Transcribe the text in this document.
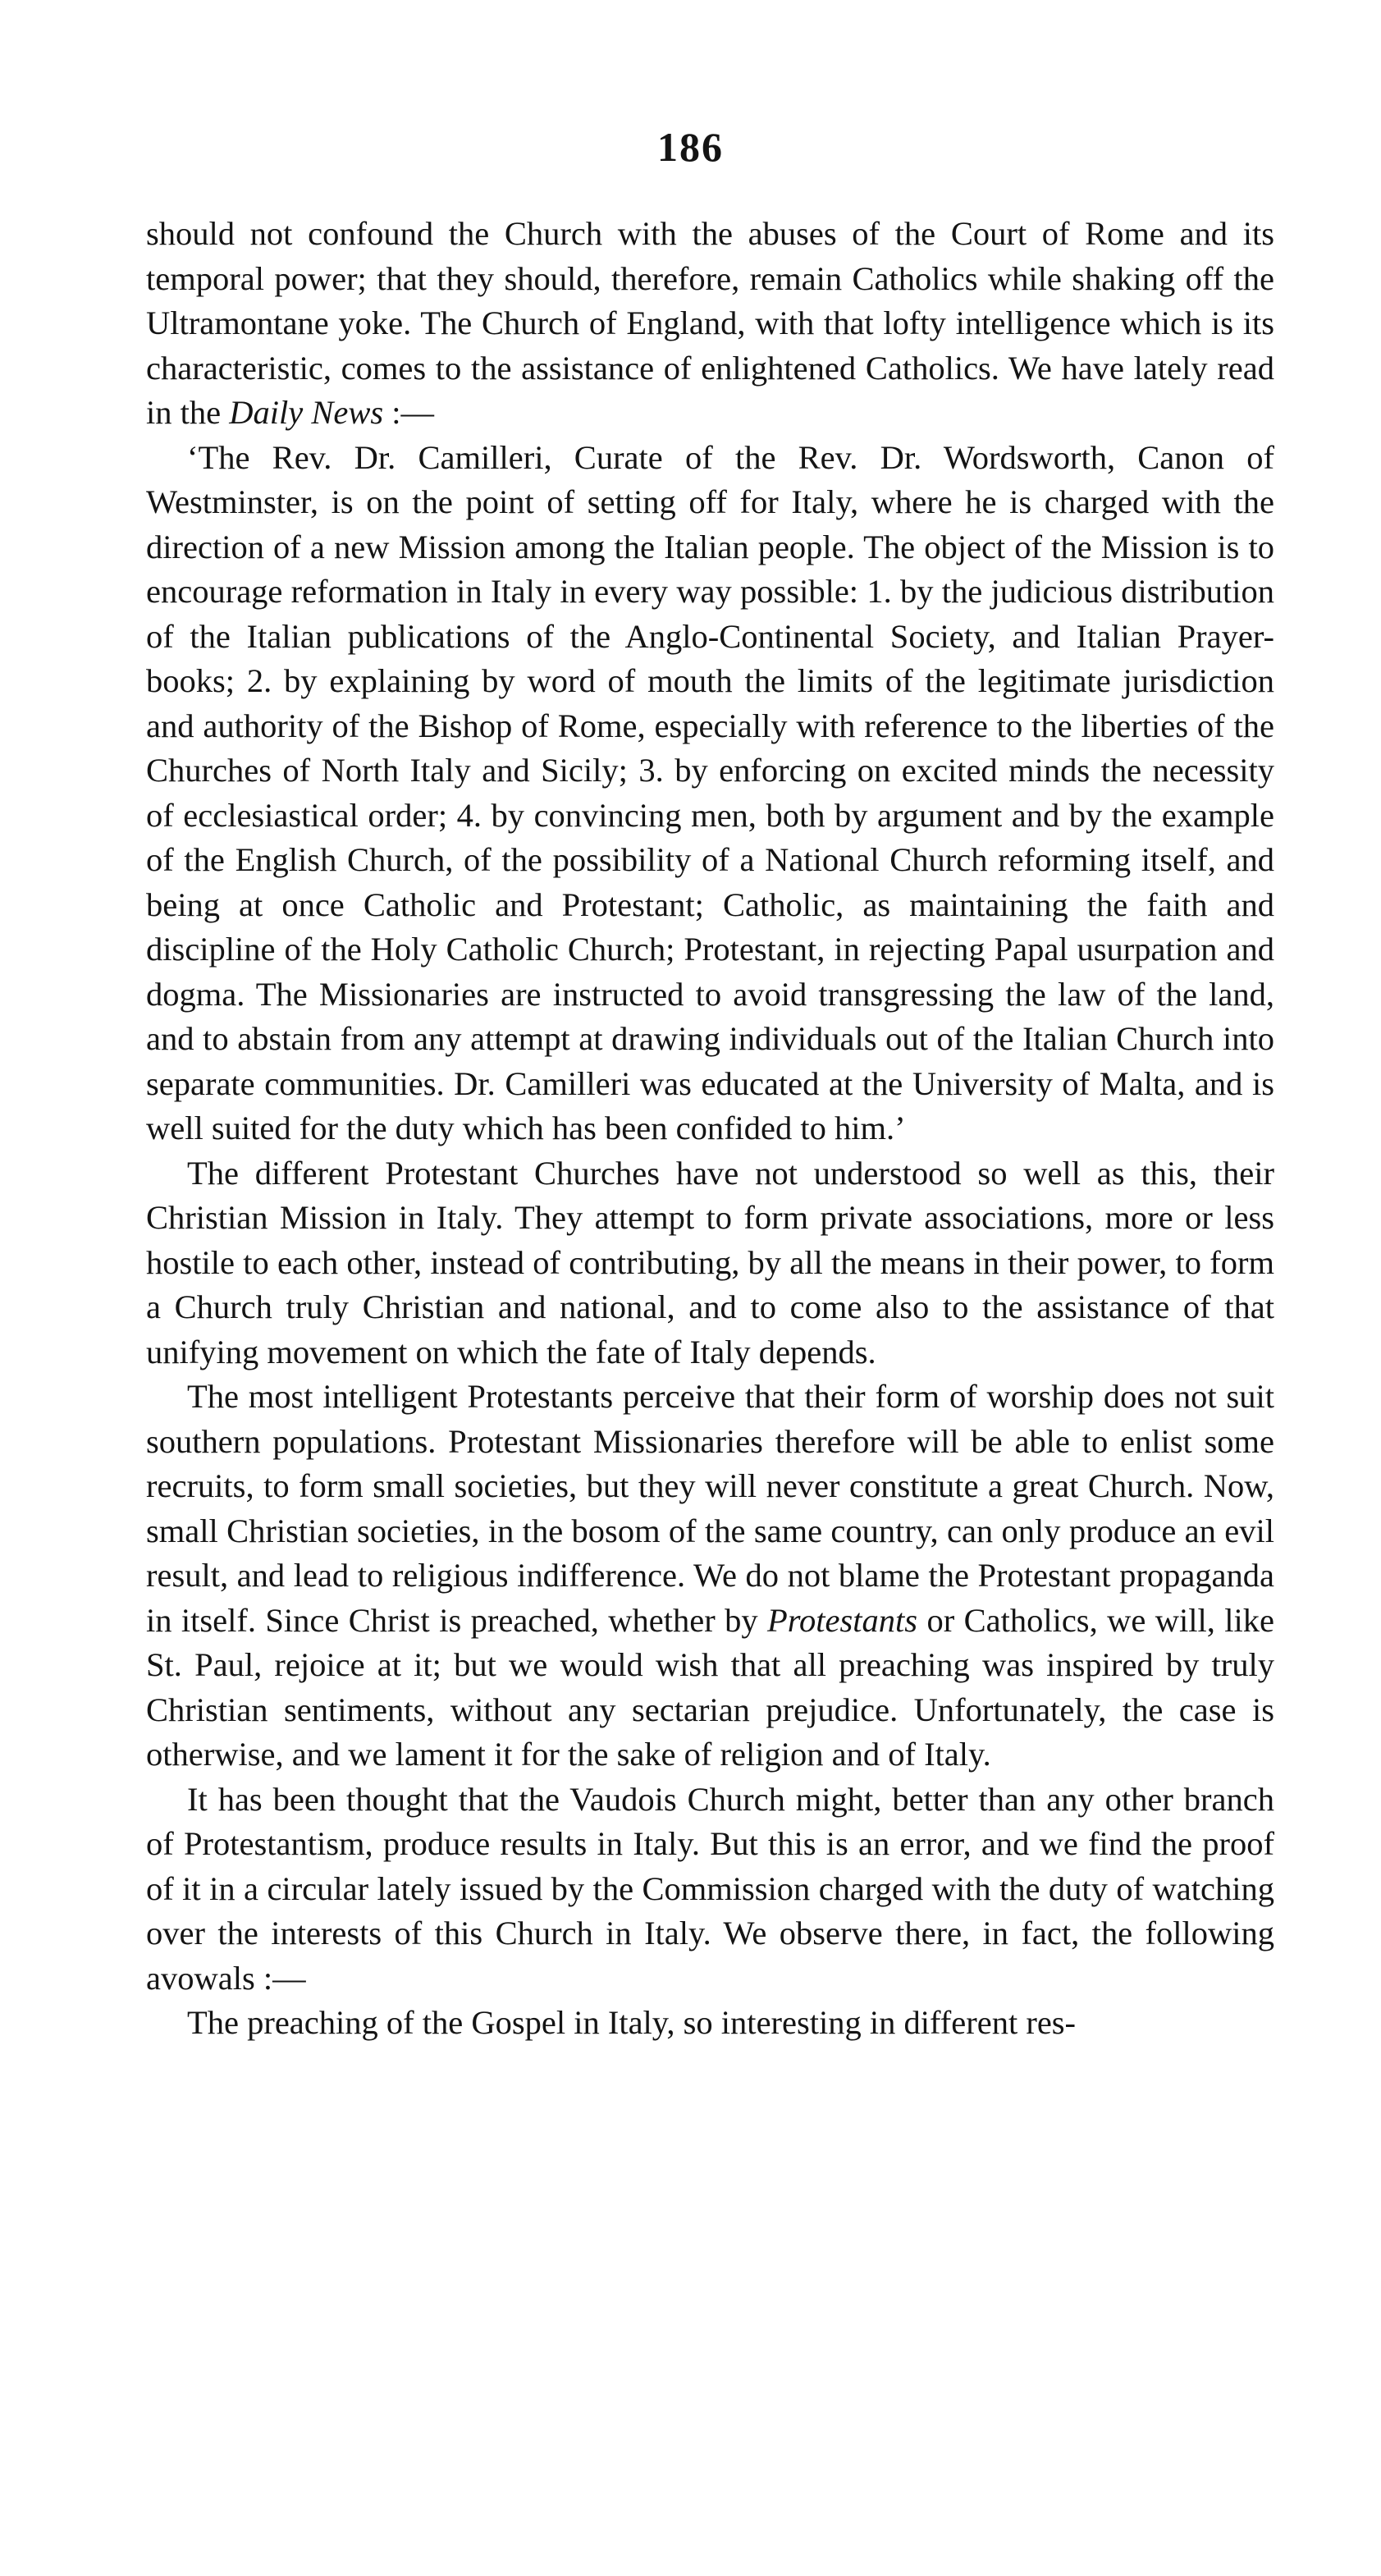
186

should not confound the Church with the abuses of the Court of Rome and its temporal power; that they should, therefore, remain Catholics while shaking off the Ultramontane yoke. The Church of England, with that lofty intelligence which is its characteristic, comes to the assistance of enlightened Catholics. We have lately read in the Daily News :—

‘The Rev. Dr. Camilleri, Curate of the Rev. Dr. Wordsworth, Canon of Westminster, is on the point of setting off for Italy, where he is charged with the direction of a new Mission among the Italian people. The object of the Mission is to encourage reformation in Italy in every way possible: 1. by the judicious distribution of the Italian publications of the Anglo-Continental Society, and Italian Prayer-books; 2. by explaining by word of mouth the limits of the legitimate jurisdiction and authority of the Bishop of Rome, especially with reference to the liberties of the Churches of North Italy and Sicily; 3. by enforcing on excited minds the necessity of ecclesiastical order; 4. by convincing men, both by argument and by the example of the English Church, of the possibility of a National Church reforming itself, and being at once Catholic and Protestant; Catholic, as maintaining the faith and discipline of the Holy Catholic Church; Protestant, in rejecting Papal usurpation and dogma. The Missionaries are instructed to avoid transgressing the law of the land, and to abstain from any attempt at drawing individuals out of the Italian Church into separate communities. Dr. Camilleri was educated at the University of Malta, and is well suited for the duty which has been confided to him.’

The different Protestant Churches have not understood so well as this, their Christian Mission in Italy. They attempt to form private associations, more or less hostile to each other, instead of contributing, by all the means in their power, to form a Church truly Christian and national, and to come also to the assistance of that unifying movement on which the fate of Italy depends.

The most intelligent Protestants perceive that their form of worship does not suit southern populations. Protestant Missionaries therefore will be able to enlist some recruits, to form small societies, but they will never constitute a great Church. Now, small Christian societies, in the bosom of the same country, can only produce an evil result, and lead to religious indifference. We do not blame the Protestant propaganda in itself. Since Christ is preached, whether by Protestants or Catholics, we will, like St. Paul, rejoice at it; but we would wish that all preaching was inspired by truly Christian sentiments, without any sectarian prejudice. Unfortunately, the case is otherwise, and we lament it for the sake of religion and of Italy.

It has been thought that the Vaudois Church might, better than any other branch of Protestantism, produce results in Italy. But this is an error, and we find the proof of it in a circular lately issued by the Commission charged with the duty of watching over the interests of this Church in Italy. We observe there, in fact, the following avowals :—

The preaching of the Gospel in Italy, so interesting in different res-
